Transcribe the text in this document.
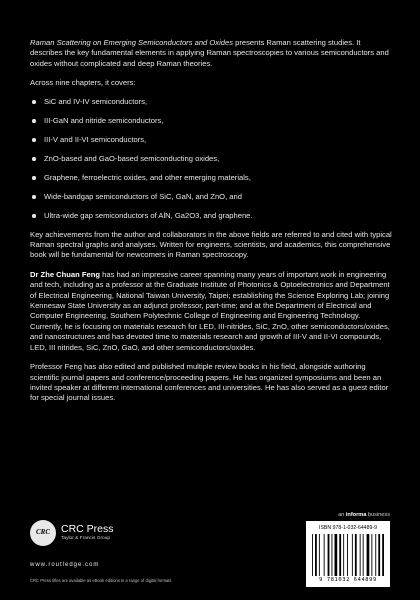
Raman Scattering on Emerging Semiconductors and Oxides presents Raman scattering studies. It describes the key fundamental elements in applying Raman spectroscopies to various semiconductors and oxides without complicated and deep Raman theories.

Across nine chapters, it covers:

SiC and IV-IV semiconductors,
III-GaN and nitride semiconductors,
III-V and II-VI semiconductors,
ZnO-based and GaO-based semiconducting oxides,
Graphene, ferroelectric oxides, and other emerging materials,
Wide-bandgap semiconductors of SiC, GaN, and ZnO, and
Ultra-wide gap semiconductors of AlN, Ga2O3, and graphene.

Key achievements from the author and collaborators in the above fields are referred to and cited with typical Raman spectral graphs and analyses. Written for engineers, scientists, and academics, this comprehensive book will be fundamental for newcomers in Raman spectroscopy.

Dr Zhe Chuan Feng has had an impressive career spanning many years of important work in engineering and tech, including as a professor at the Graduate Institute of Photonics & Optoelectronics and Department of Electrical Engineering, National Taiwan University, Taipei; establishing the Science Exploring Lab; joining Kennesaw State University as an adjunct professor, part-time; and at the Department of Electrical and Computer Engineering, Southern Polytechnic College of Engineering and Engineering Technology. Currently, he is focusing on materials research for LED, III-nitrides, SiC, ZnO, other semiconductors/oxides, and nanostructures and has devoted time to materials research and growth of III-V and II-VI compounds, LED, III nitrides, SiC, ZnO, GaO, and other semiconductors/oxides.

Professor Feng has also edited and published multiple review books in his field, alongside authoring scientific journal papers and conference/proceeding papers. He has organized symposiums and been an invited speaker at different international conferences and universities. He has also served as a guest editor for special journal issues.

an informa business
CRC	CRC Press
Taylor & Francis Group
www.routledge.com
CRC Press titles are available as eBook editions in a range of digital formats
ISBN 978-1-032-64489-9
9 781032 644899
